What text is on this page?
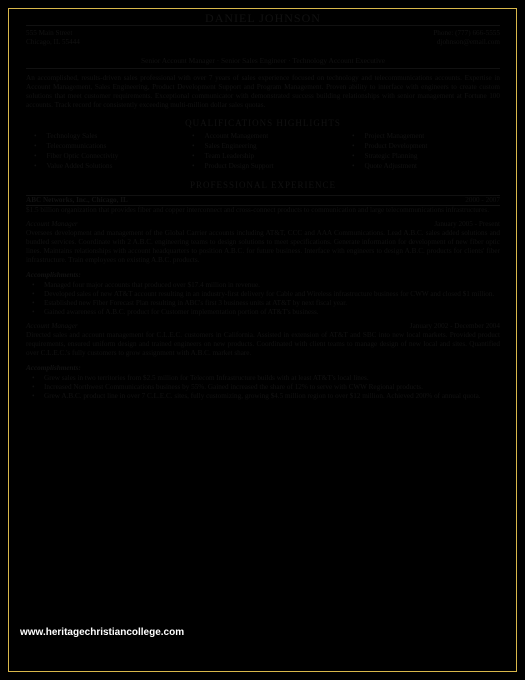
DANIEL JOHNSON
555 Main Street	Phone: (777) 666-5555
Chicago, IL 55444	djohnson@email.com
Senior Account Manager · Senior Sales Engineer · Technology Account Executive

An accomplished, results-driven sales professional with over 7 years of sales experience focused on technology and telecommunications accounts. Expertise in Account Management, Sales Engineering, Product Development Support and Program Management. Proven ability to interface with engineers to create custom solutions that meet customer requirements. Exceptional communicator with demonstrated success building relationships with senior management at Fortune 100 accounts. Track record for consistently exceeding multi-million dollar sales quotas.

QUALIFICATIONS HIGHLIGHTS
• Technology Sales
• Telecommunications
• Fiber Optic Connectivity
• Value Added Solutions
• Account Management
• Sales Engineering
• Team Leadership
• Product Design Support
• Project Management
• Product Development
• Strategic Planning
• Quote Adjustment
PROFESSIONAL EXPERIENCE
ABC Networks, Inc., Chicago, IL	2000 - 2007

$1.5 billion organization that provides fiber and copper interconnect and cross-connect products to communication and large telecommunications infrastructures.

Account Manager	January 2005 - Present

Oversees development and management of the Global Carrier accounts including AT&T, CCC and AAA Communications. Lead A.B.C. sales added solutions and bundled services. Coordinate with 2 A.B.C. engineering teams to design solutions to meet specifications. Generate information for development of new fiber optic lines. Maintains relationships with account headquarters to position A.B.C. for future business. Interface with engineers to design A.B.C. products for clients' fiber infrastructure. Train employees on existing A.B.C. products.

Accomplishments:
• Managed four major accounts that produced over $17.4 million in revenue.
• Developed sales of new AT&T account resulting in an industry-first delivery for Cable and Wireless infrastructure business for CWW and closed $1 million.
• Established new Fiber Forecast Plan resulting in ABC's first 3 business units at AT&T by next fiscal year.
• Gained awareness of A.B.C. product for Customer implementation portion of AT&T's business.
Account Manager	January 2002 - December 2004

Directed sales and account management for C.L.E.C. customers in California. Assisted in extension of AT&T and SBC into new local markets. Provided product requirements, ensured uniform design and trained engineers on new products. Coordinated with client teams to manage design of new local and sites. Quantified over C.L.E.C.'s fully customers to grow assignment with A.B.C. market share.

Accomplishments:
• Grew sales in two territories from $2.5 million for Telecom Infrastructure builds with at least AT&T's local lines.
• Increased Northwest Communications business by 55%. Gained increased the share of 12% to serve with CWW Regional products.
• Grew A.B.C. product line in over 7 C.L.E.C. sites, fully customizing, growing $4.5 million region to over $12 million. Achieved 200% of annual quota.
www.heritagechristiancollege.com
